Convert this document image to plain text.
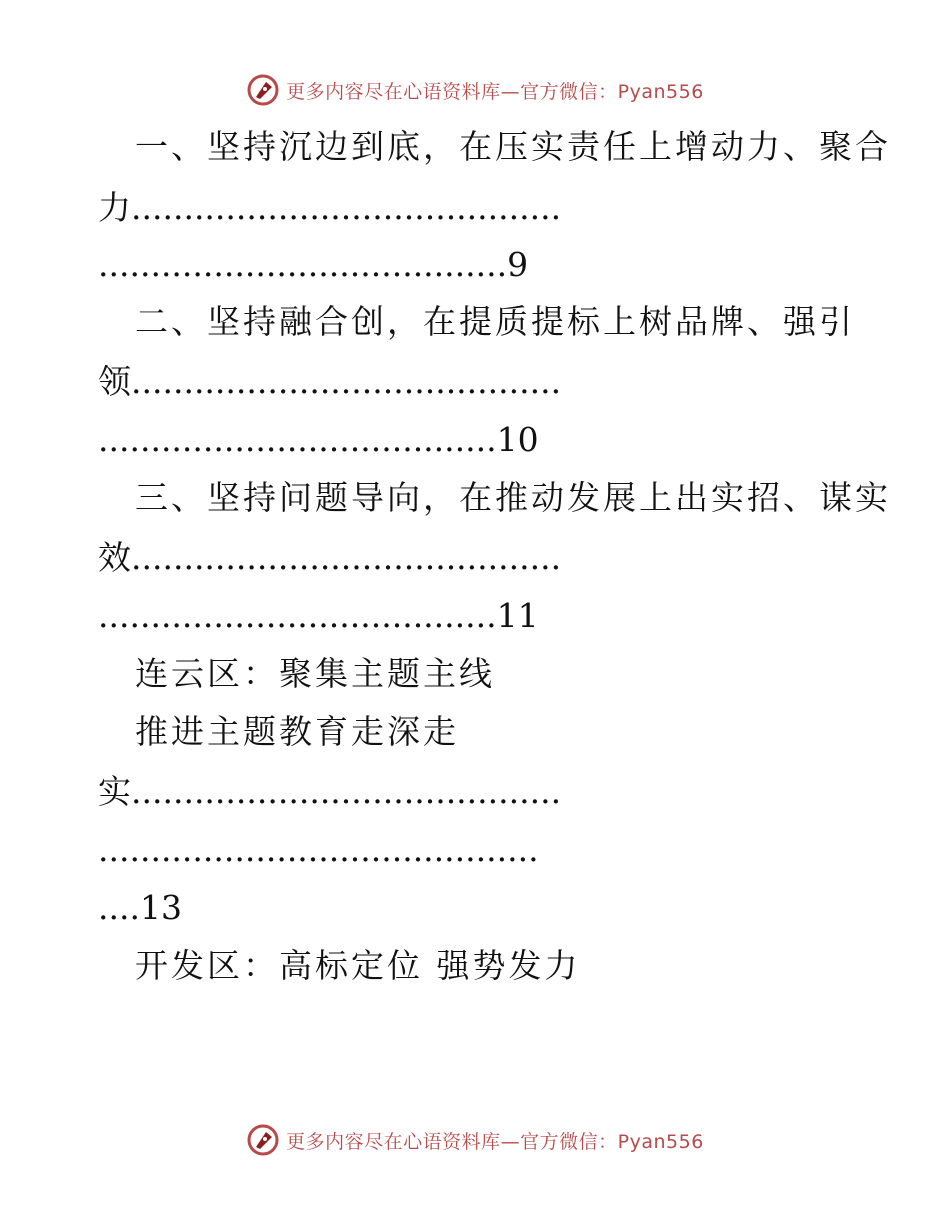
更多内容尽在心语资料库—官方微信：Pyan556
一、坚持沉边到底，在压实责任上增动力、聚合
力.........................................
.......................................9
二、坚持融合创，在提质提标上树品牌、强引
领.........................................
......................................10
三、坚持问题导向，在推动发展上出实招、谋实
效.........................................
......................................11
连云区：聚集主题主线
推进主题教育走深走
实.........................................
..........................................
....13
开发区：高标定位 强势发力
更多内容尽在心语资料库—官方微信：Pyan556
